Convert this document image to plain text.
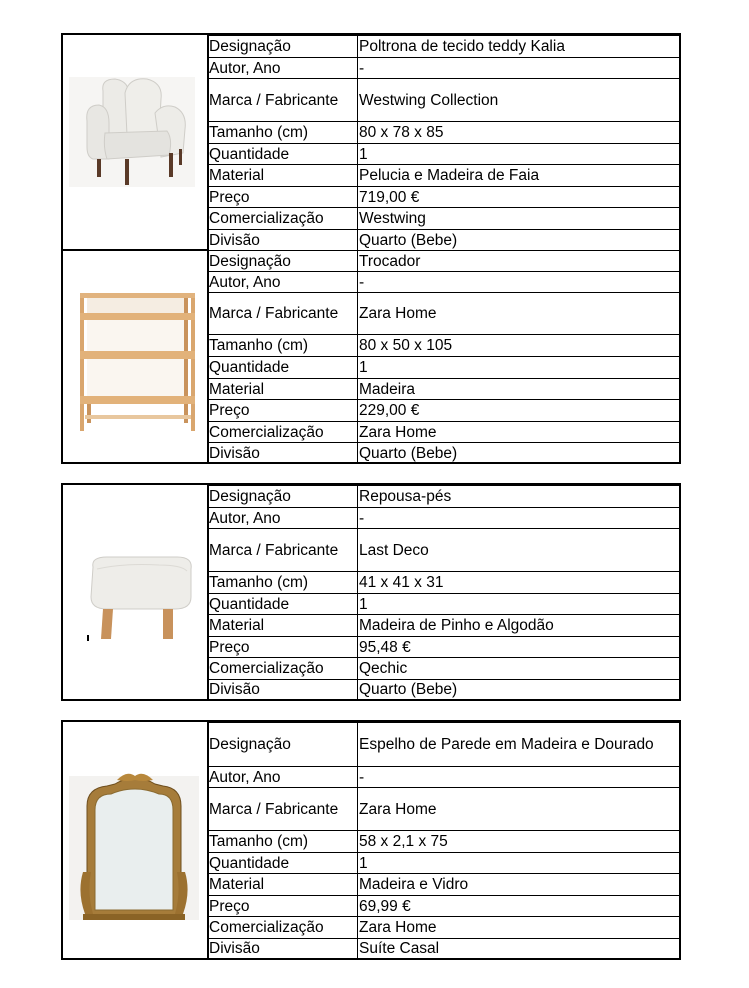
Designação	Poltrona de tecido teddy Kalia
Autor, Ano	-
Marca / Fabricante	Westwing Collection
Tamanho (cm)	80 x 78 x 85
Quantidade	1
Material	Pelucia e Madeira de Faia
Preço	719,00 €
Comercialização	Westwing
Divisão	Quarto (Bebe)
Designação	Trocador
Autor, Ano	-
Marca / Fabricante	Zara Home
Tamanho (cm)	80 x 50 x 105
Quantidade	1
Material	Madeira
Preço	229,00 €
Comercialização	Zara Home
Divisão	Quarto (Bebe)
Designação	Repousa-pés
Autor, Ano	-
Marca / Fabricante	Last Deco
Tamanho (cm)	41 x 41 x 31
Quantidade	1
Material	Madeira de Pinho e Algodão
Preço	95,48 €
Comercialização	Qechic
Divisão	Quarto (Bebe)
Designação	Espelho de Parede em Madeira e Dourado
Autor, Ano	-
Marca / Fabricante	Zara Home
Tamanho (cm)	58 x 2,1 x 75
Quantidade	1
Material	Madeira e Vidro
Preço	69,99 €
Comercialização	Zara Home
Divisão	Suíte Casal
